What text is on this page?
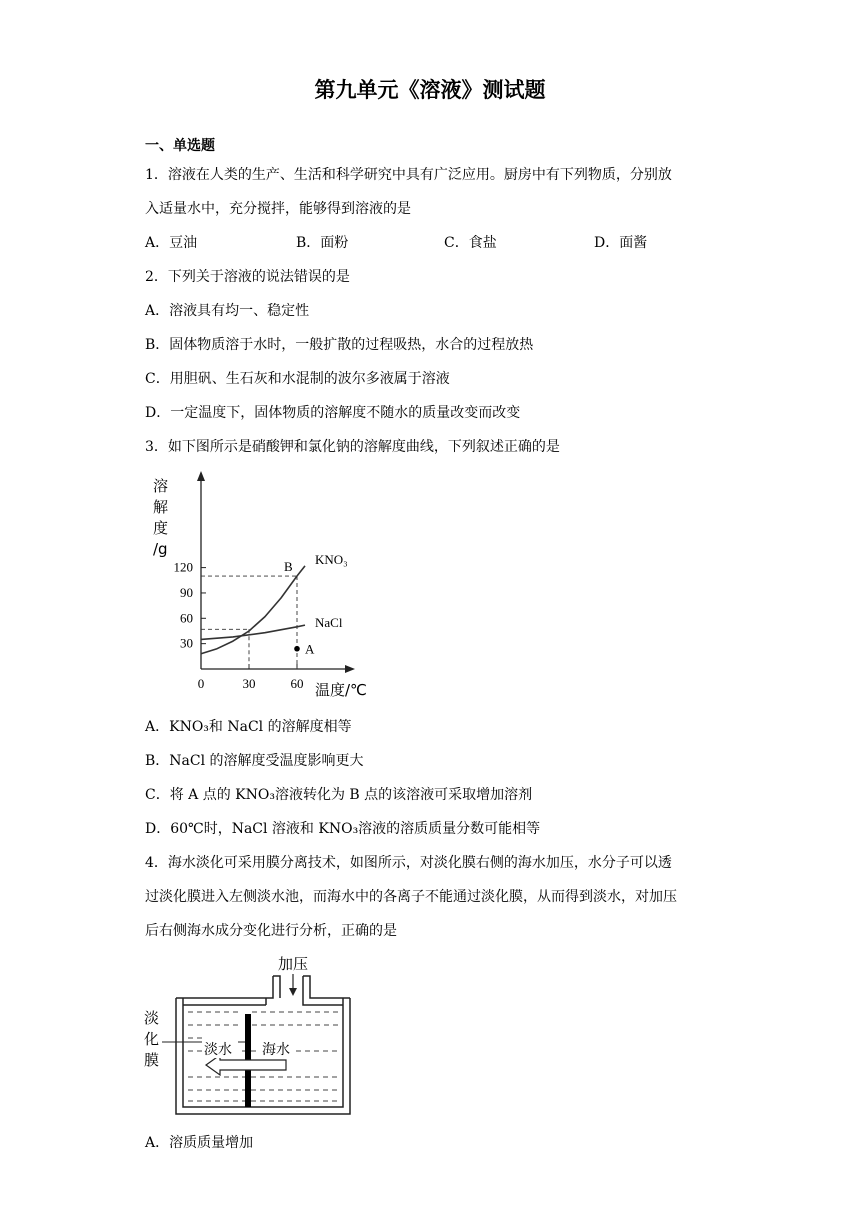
第九单元《溶液》测试题
一、单选题
1．溶液在人类的生产、生活和科学研究中具有广泛应用。厨房中有下列物质，分别放
入适量水中，充分搅拌，能够得到溶液的是
A．豆油	B．面粉	C．食盐	D．面酱
2．下列关于溶液的说法错误的是
A．溶液具有均一、稳定性
B．固体物质溶于水时，一般扩散的过程吸热，水合的过程放热
C．用胆矾、生石灰和水混制的波尔多液属于溶液
D．一定温度下，固体物质的溶解度不随水的质量改变而改变
3．如下图所示是硝酸钾和氯化钠的溶解度曲线，下列叙述正确的是
30
60
90
120
0	30	60
溶
解
度
/g
温度/℃
KNO₃
NaCl
B
A
A．KNO₃和 NaCl 的溶解度相等
B．NaCl 的溶解度受温度影响更大
C．将 A 点的 KNO₃溶液转化为 B 点的该溶液可采取增加溶剂
D．60℃时，NaCl 溶液和 KNO₃溶液的溶质质量分数可能相等
4．海水淡化可采用膜分离技术，如图所示，对淡化膜右侧的海水加压，水分子可以透
过淡化膜进入左侧淡水池，而海水中的各离子不能通过淡化膜，从而得到淡水，对加压
后右侧海水成分变化进行分析，正确的是
加压
淡
化
膜
淡水 海水
A．溶质质量增加
